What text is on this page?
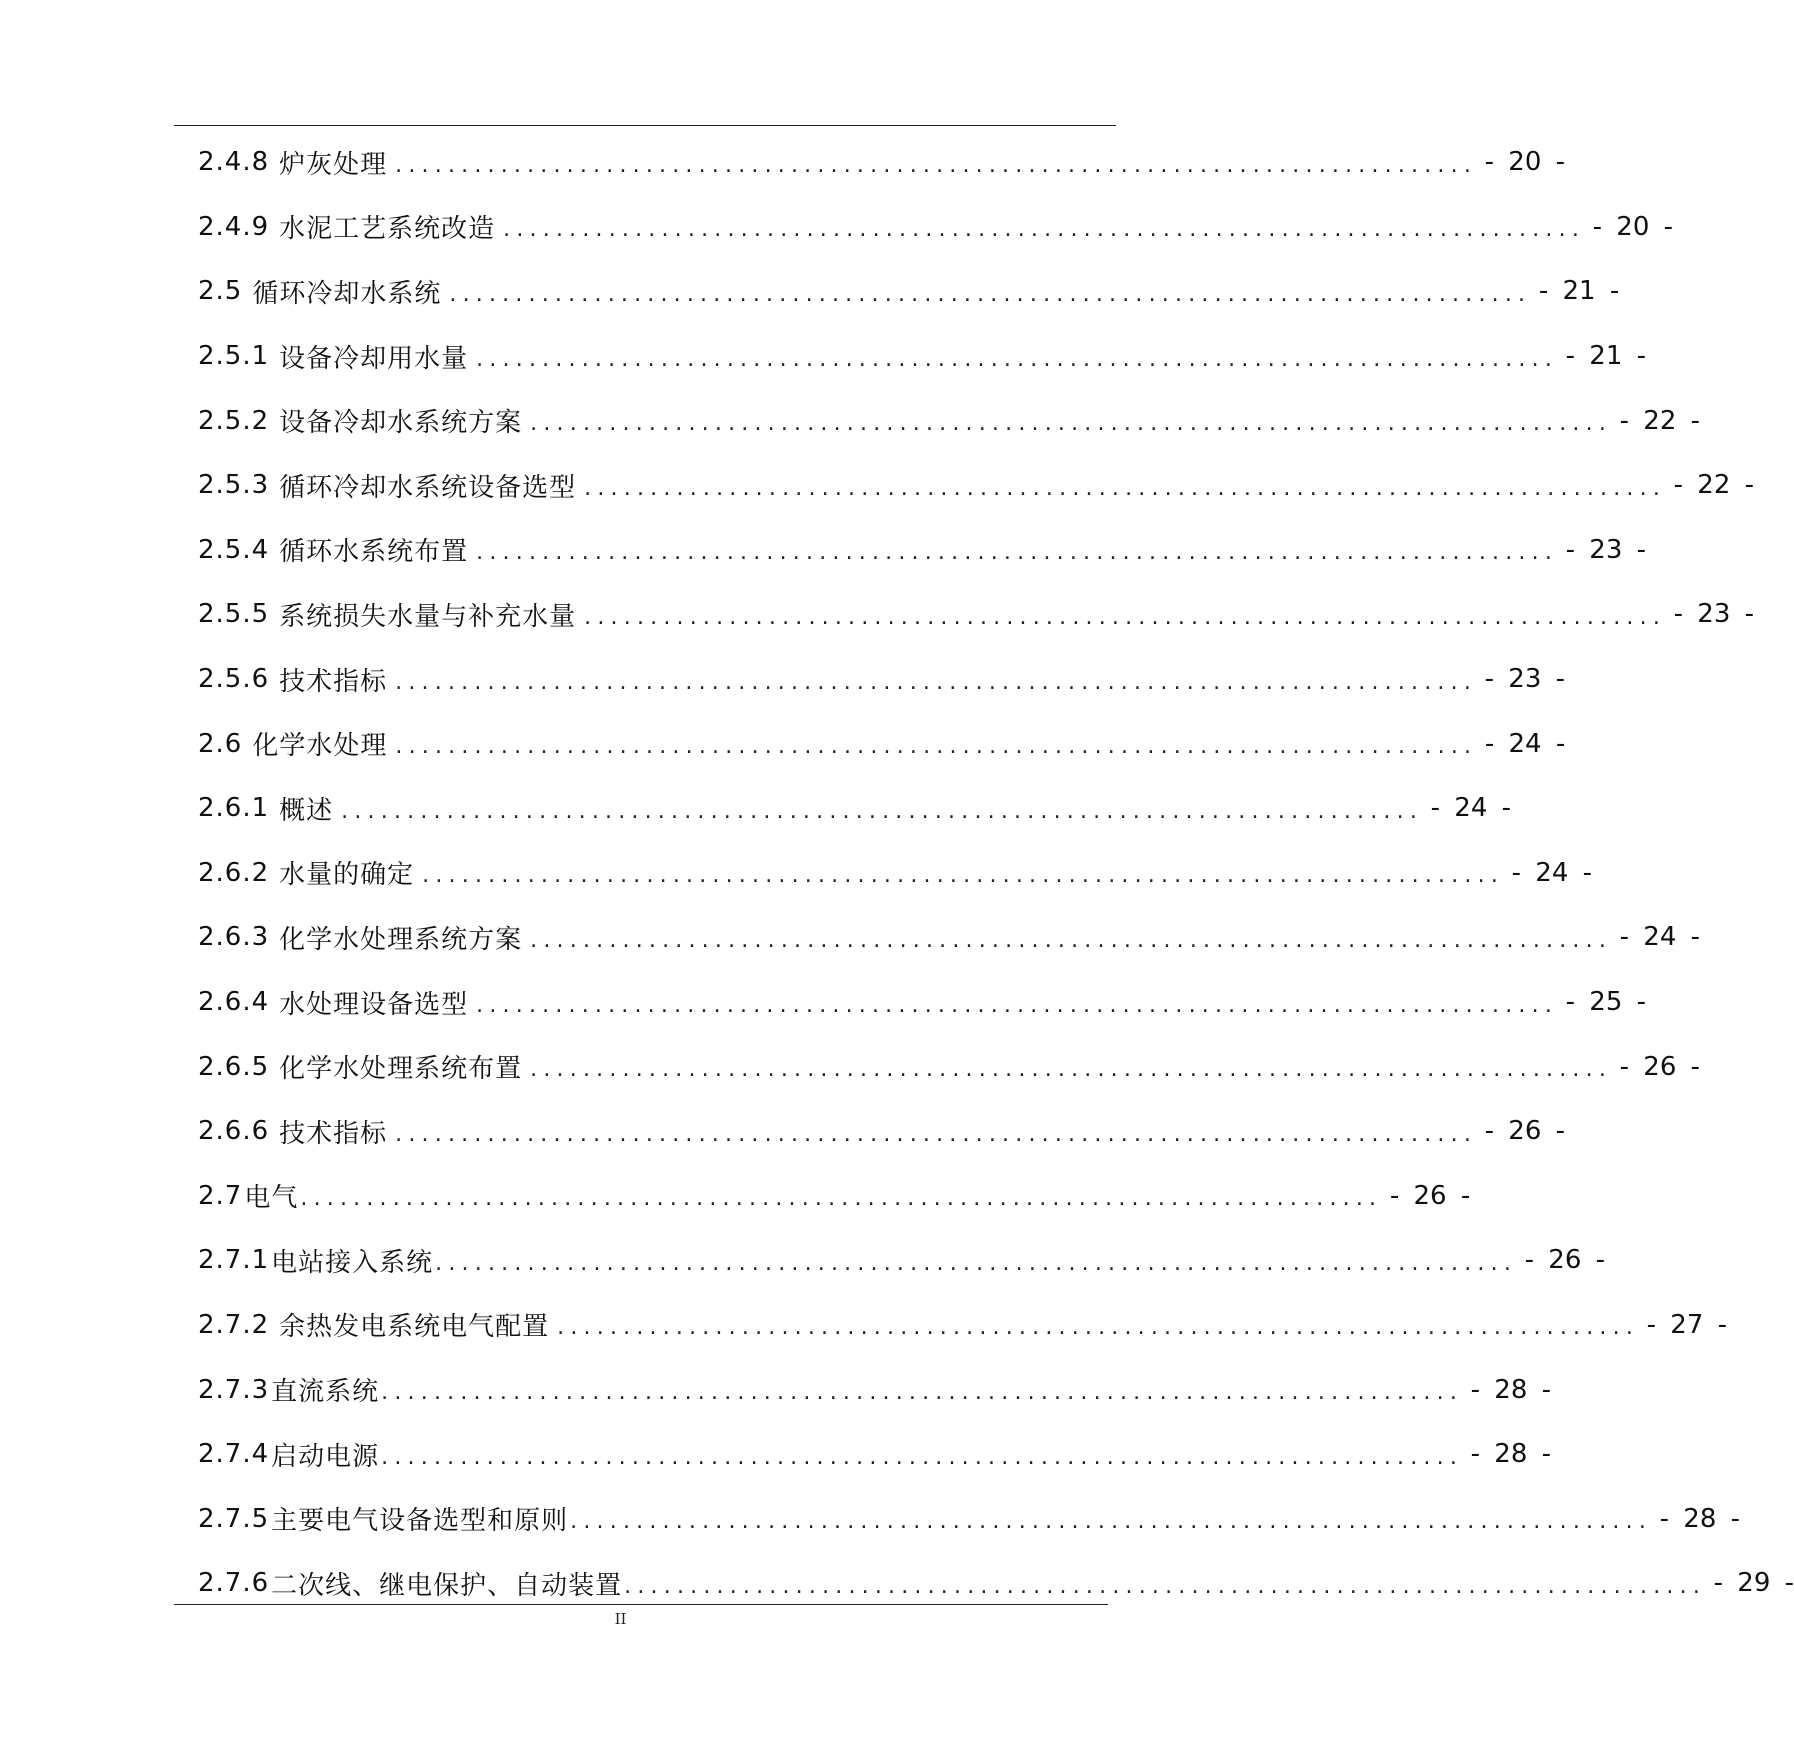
2.4.8 炉灰处理 .................................................................................. - 20 -
2.4.9 水泥工艺系统改造 .................................................................................. - 20 -
2.5 循环冷却水系统 .................................................................................. - 21 -
2.5.1 设备冷却用水量 .................................................................................. - 21 -
2.5.2 设备冷却水系统方案 .................................................................................. - 22 -
2.5.3 循环冷却水系统设备选型 .................................................................................. - 22 -
2.5.4 循环水系统布置 .................................................................................. - 23 -
2.5.5 系统损失水量与补充水量 .................................................................................. - 23 -
2.5.6 技术指标 .................................................................................. - 23 -
2.6 化学水处理 .................................................................................. - 24 -
2.6.1 概述 .................................................................................. - 24 -
2.6.2 水量的确定 .................................................................................. - 24 -
2.6.3 化学水处理系统方案 .................................................................................. - 24 -
2.6.4 水处理设备选型 .................................................................................. - 25 -
2.6.5 化学水处理系统布置 .................................................................................. - 26 -
2.6.6 技术指标 .................................................................................. - 26 -
2.7 电气 .................................................................................. - 26 -
2.7.1 电站接入系统 .................................................................................. - 26 -
2.7.2 余热发电系统电气配置 .................................................................................. - 27 -
2.7.3 直流系统 .................................................................................. - 28 -
2.7.4 启动电源 .................................................................................. - 28 -
2.7.5 主要电气设备选型和原则 .................................................................................. - 28 -
2.7.6 二次线、继电保护、自动装置 .................................................................................. - 29 -
II
